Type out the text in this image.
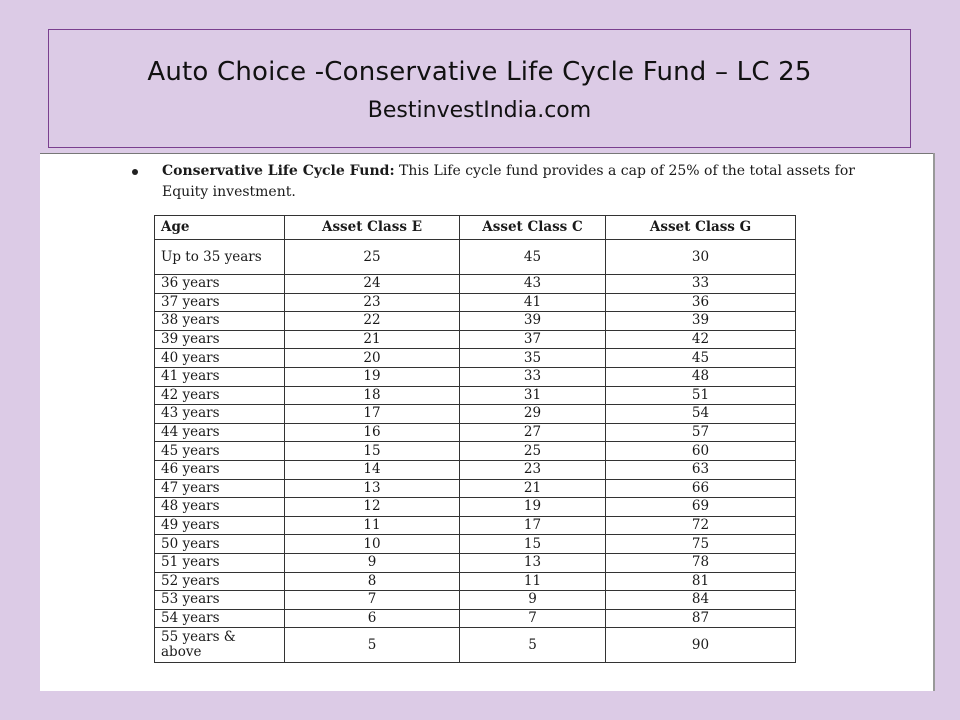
Auto Choice -Conservative Life Cycle Fund – LC 25
BestinvestIndia.com
Conservative Life Cycle Fund: This Life cycle fund provides a cap of 25% of the total assets for Equity investment.
Age	Asset Class E	Asset Class C	Asset Class G
Up to 35 years	25	45	30
36 years	24	43	33
37 years	23	41	36
38 years	22	39	39
39 years	21	37	42
40 years	20	35	45
41 years	19	33	48
42 years	18	31	51
43 years	17	29	54
44 years	16	27	57
45 years	15	25	60
46 years	14	23	63
47 years	13	21	66
48 years	12	19	69
49 years	11	17	72
50 years	10	15	75
51 years	9	13	78
52 years	8	11	81
53 years	7	9	84
54 years	6	7	87
55 years & above	5	5	90
